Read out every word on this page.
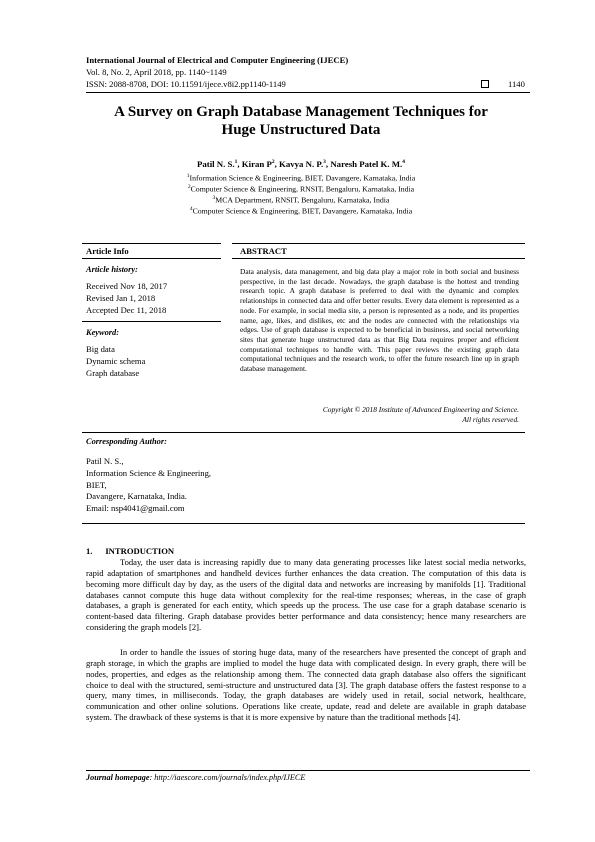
International Journal of Electrical and Computer Engineering (IJECE)
Vol. 8, No. 2, April 2018, pp. 1140~1149
ISSN: 2088-8708, DOI: 10.11591/ijece.v8i2.pp1140-1149	1140
A Survey on Graph Database Management Techniques for
Huge Unstructured Data
Patil N. S.$^1$, Kiran $P^2$, Kavya N. P.$^3$, Naresh Patel K. M.$^4$
$^1$Information Science & Engineering, BIET, Davangere, Karnataka, India
$^2$Computer Science & Engineering, RNSIT, Bengaluru, Karnataka, India
$^3$MCA Department, RNSIT, Bengaluru, Karnataka, India
$^4$Computer Science & Engineering, BIET, Davangere, Karnataka, India
Article Info	ABSTRACT
Article history:
Received Nov 18, 2017
Revised Jan 1, 2018
Accepted Dec 11, 2018
Keyword:
Big data
Dynamic schema
Graph database
Data analysis, data management, and big data play a major role in both social and business perspective, in the last decade. Nowadays, the graph database is the hottest and trending research topic. A graph database is preferred to deal with the dynamic and complex relationships in connected data and offer better results. Every data element is represented as a node. For example, in social media site, a person is represented as a node, and its properties name, age, likes, and dislikes, etc and the nodes are connected with the relationships via edges. Use of graph database is expected to be beneficial in business, and social networking sites that generate huge unstructured data as that Big Data requires proper and efficient computational techniques to handle with. This paper reviews the existing graph data computational techniques and the research work, to offer the future research line up in graph database management.
Copyright © 2018 Institute of Advanced Engineering and Science.
All rights reserved.
Corresponding Author:
Patil N. S.,
Information Science & Engineering,
BIET,
Davangere, Karnataka, India.
Email: nsp4041@gmail.com
1.      INTRODUCTION
Today, the user data is increasing rapidly due to many data generating processes like latest social media networks, rapid adaptation of smartphones and handheld devices further enhances the data creation. The computation of this data is becoming more difficult day by day, as the users of the digital data and networks are increasing by manifolds [1]. Traditional databases cannot compute this huge data without complexity for the real-time responses; whereas, in the case of graph databases, a graph is generated for each entity, which speeds up the process. The use case for a graph database scenario is content-based data filtering. Graph database provides better performance and data consistency; hence many researchers are considering the graph models [2].
In order to handle the issues of storing huge data, many of the researchers have presented the concept of graph and graph storage, in which the graphs are implied to model the huge data with complicated design. In every graph, there will be nodes, properties, and edges as the relationship among them. The connected data graph database also offers the significant choice to deal with the structured, semi-structure and unstructured data [3]. The graph database offers the fastest response to a query, many times, in milliseconds. Today, the graph databases are widely used in retail, social network, healthcare, communication and other online solutions. Operations like create, update, read and delete are available in graph database system. The drawback of these systems is that it is more expensive by nature than the traditional methods [4].
Journal homepage: http://iaescore.com/journals/index.php/IJECE
